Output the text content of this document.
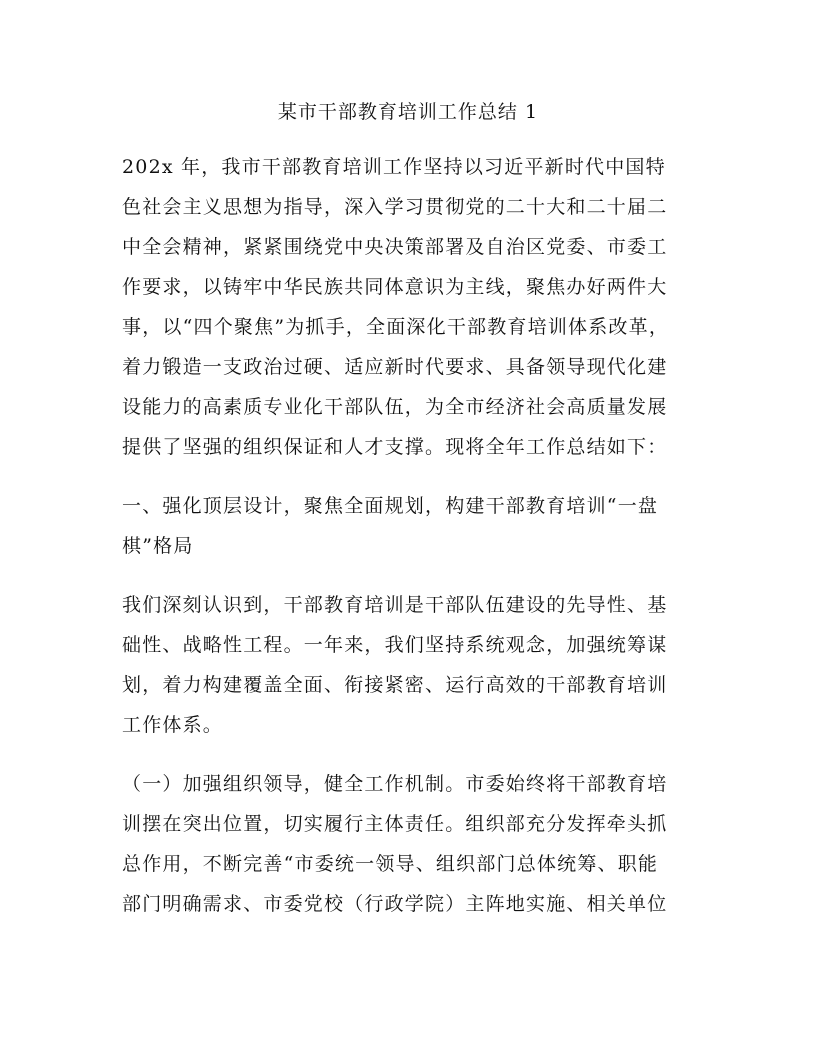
某市干部教育培训工作总结 1
202x 年，我市干部教育培训工作坚持以习近平新时代中国特
色社会主义思想为指导，深入学习贯彻党的二十大和二十届二
中全会精神，紧紧围绕党中央决策部署及自治区党委、市委工
作要求，以铸牢中华民族共同体意识为主线，聚焦办好两件大
事，以“四个聚焦”为抓手，全面深化干部教育培训体系改革，
着力锻造一支政治过硬、适应新时代要求、具备领导现代化建
设能力的高素质专业化干部队伍，为全市经济社会高质量发展
提供了坚强的组织保证和人才支撑。现将全年工作总结如下：
一、强化顶层设计，聚焦全面规划，构建干部教育培训“一盘
棋”格局
我们深刻认识到，干部教育培训是干部队伍建设的先导性、基
础性、战略性工程。一年来，我们坚持系统观念，加强统筹谋
划，着力构建覆盖全面、衔接紧密、运行高效的干部教育培训
工作体系。
（一）加强组织领导，健全工作机制。市委始终将干部教育培
训摆在突出位置，切实履行主体责任。组织部充分发挥牵头抓
总作用，不断完善“市委统一领导、组织部门总体统筹、职能
部门明确需求、市委党校（行政学院）主阵地实施、相关单位
